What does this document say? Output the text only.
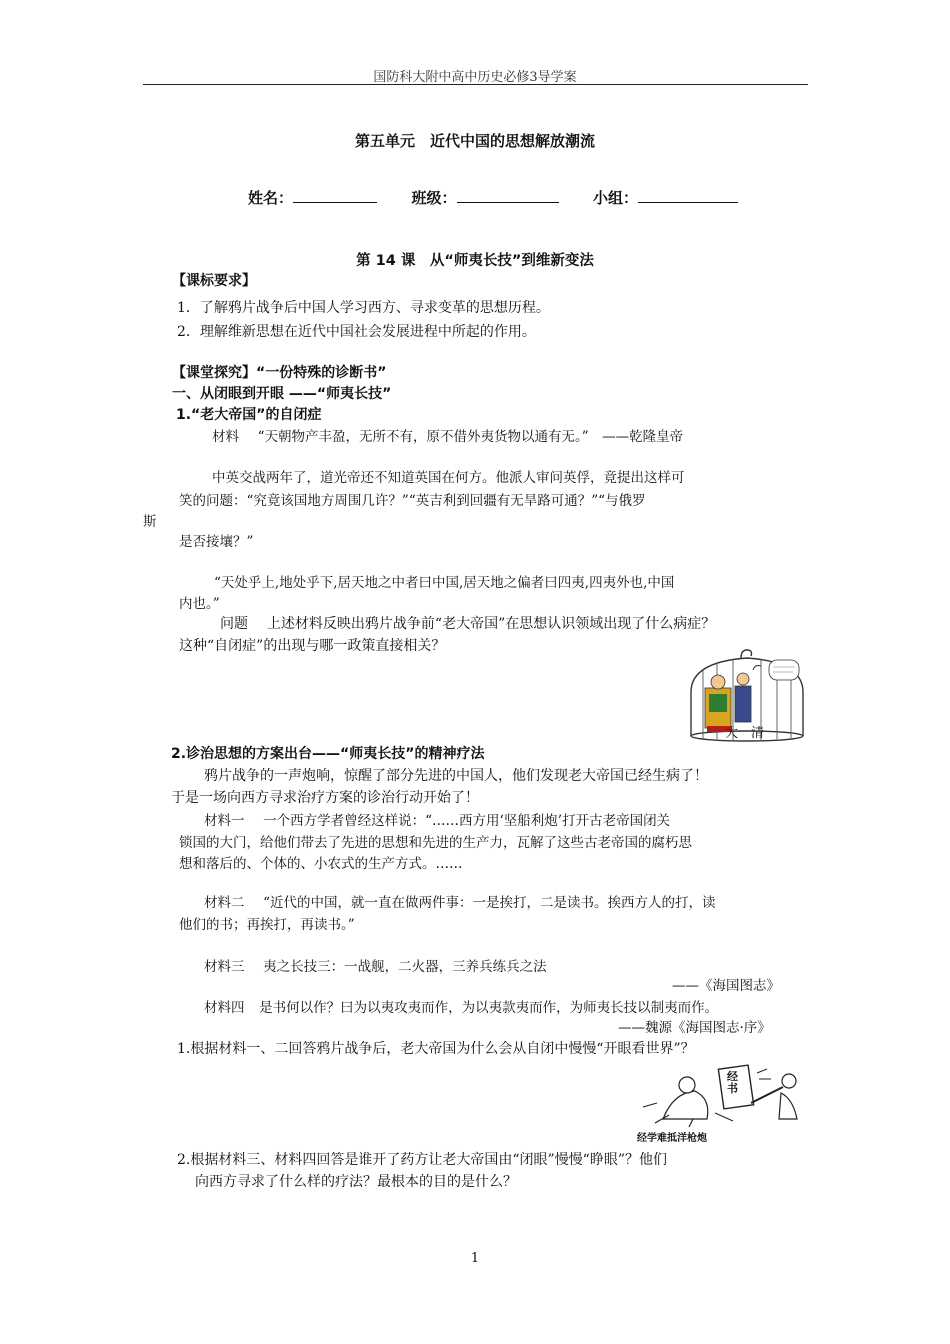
国防科大附中高中历史必修3导学案
第五单元　近代中国的思想解放潮流
姓名：	班级：	小组：
第 14 课　从“师夷长技”到维新变法
【课标要求】
1．了解鸦片战争后中国人学习西方、寻求变革的思想历程。
2．理解维新思想在近代中国社会发展进程中所起的作用。
【课堂探究】“一份特殊的诊断书”
一、从闭眼到开眼 ——“师夷长技”
1.“老大帝国”的自闭症
材料 “天朝物产丰盈，无所不有，原不借外夷货物以通有无。”　——乾隆皇帝
中英交战两年了，道光帝还不知道英国在何方。他派人审问英俘，竟提出这样可
笑的问题：“究竟该国地方周围几许？”“英吉利到回疆有无旱路可通？”“与俄罗
斯
是否接壤？”
“天处乎上,地处乎下,居天地之中者曰中国,居天地之偏者曰四夷,四夷外也,中国
内也。”
问题 上述材料反映出鸦片战争前“老大帝国”在思想认识领域出现了什么病症？
这种“自闭症”的出现与哪一政策直接相关？
大　清
2.诊治思想的方案出台——“师夷长技”的精神疗法
鸦片战争的一声炮响，惊醒了部分先进的中国人，他们发现老大帝国已经生病了！
于是一场向西方寻求治疗方案的诊治行动开始了！
材料一 一个西方学者曾经这样说：“……西方用‘坚船利炮’打开古老帝国闭关
锁国的大门，给他们带去了先进的思想和先进的生产力，瓦解了这些古老帝国的腐朽思
想和落后的、个体的、小农式的生产方式。……
材料二 “近代的中国，就一直在做两件事：一是挨打，二是读书。挨西方人的打，读
他们的书；再挨打，再读书。”
材料三 夷之长技三：一战舰，二火器，三养兵练兵之法
——《海国图志》
材料四 是书何以作？曰为以夷攻夷而作，为以夷款夷而作，为师夷长技以制夷而作。
——魏源《海国图志·序》
1.根据材料一、二回答鸦片战争后，老大帝国为什么会从自闭中慢慢“开眼看世界”？
经书
经学难抵洋枪炮
2.根据材料三、材料四回答是谁开了药方让老大帝国由“闭眼”慢慢“睁眼”？他们
向西方寻求了什么样的疗法？最根本的目的是什么？
1
